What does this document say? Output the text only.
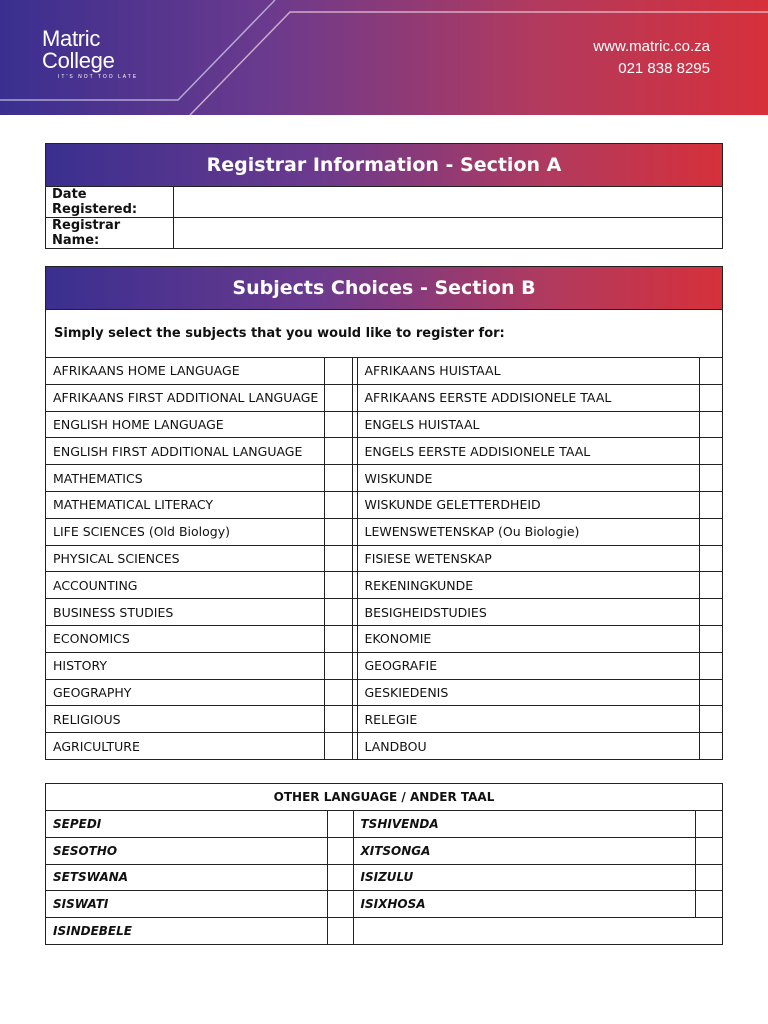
Matric
College
IT'S NOT TOO LATE
www.matric.co.za
021 838 8295
Registrar Information - Section A
Date Registered:	
Registrar Name:	
Subjects Choices - Section B
Simply select the subjects that you would like to register for:
AFRIKAANS HOME LANGUAGE			AFRIKAANS HUISTAAL	
AFRIKAANS FIRST ADDITIONAL LANGUAGE			AFRIKAANS EERSTE ADDISIONELE TAAL	
ENGLISH HOME LANGUAGE			ENGELS HUISTAAL	
ENGLISH FIRST ADDITIONAL LANGUAGE			ENGELS EERSTE ADDISIONELE TAAL	
MATHEMATICS			WISKUNDE	
MATHEMATICAL LITERACY			WISKUNDE GELETTERDHEID	
LIFE SCIENCES (Old Biology)			LEWENSWETENSKAP (Ou Biologie)	
PHYSICAL SCIENCES			FISIESE WETENSKAP	
ACCOUNTING			REKENINGKUNDE	
BUSINESS STUDIES			BESIGHEIDSTUDIES	
ECONOMICS			EKONOMIE	
HISTORY			GEOGRAFIE	
GEOGRAPHY			GESKIEDENIS	
RELIGIOUS			RELEGIE	
AGRICULTURE			LANDBOU	
OTHER LANGUAGE / ANDER TAAL			
SEPEDI		TSHIVENDA	
SESOTHO		XITSONGA	
SETSWANA		ISIZULU	
SISWATI		ISIXHOSA	
ISINDEBELE			
